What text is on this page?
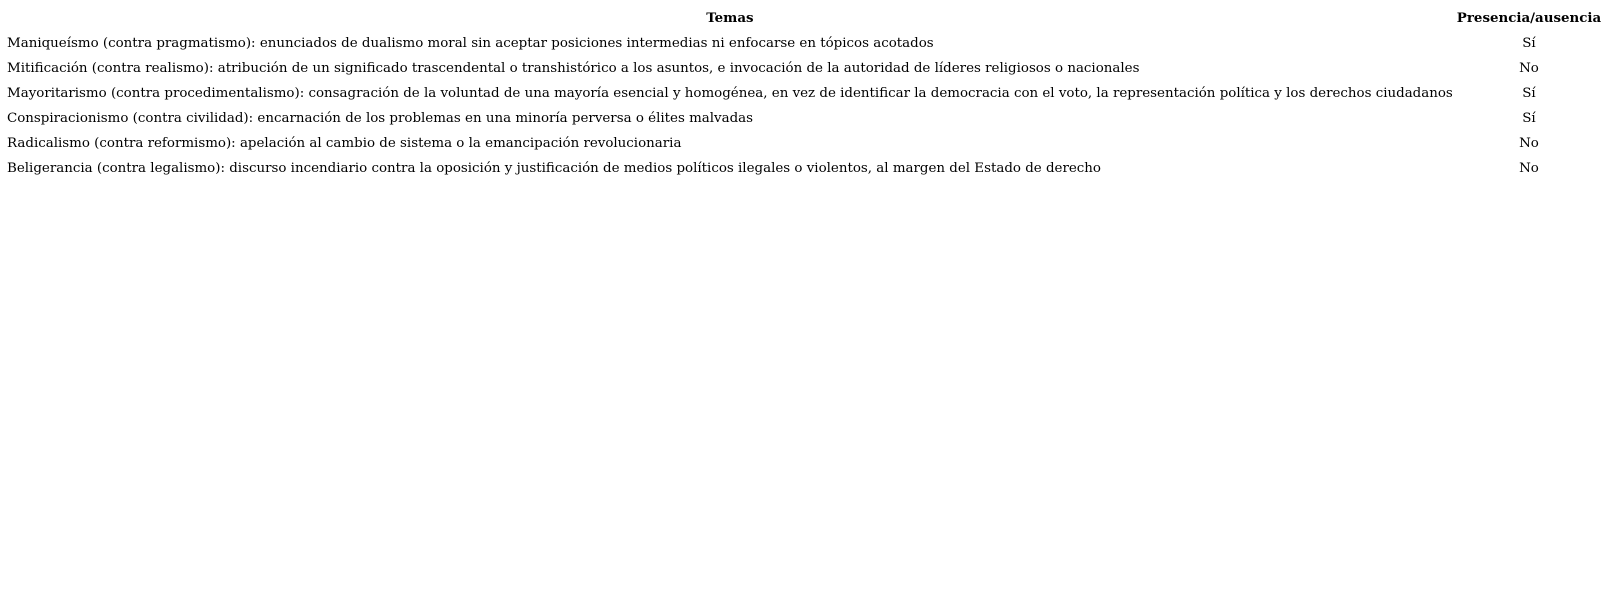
Temas	Presencia/ausencia
Maniqueísmo (contra pragmatismo): enunciados de dualismo moral sin aceptar posiciones intermedias ni enfocarse en tópicos acotados	Sí
Mitificación (contra realismo): atribución de un significado trascendental o transhistórico a los asuntos, e invocación de la autoridad de líderes religiosos o nacionales	No
Mayoritarismo (contra procedimentalismo): consagración de la voluntad de una mayoría esencial y homogénea, en vez de identificar la democracia con el voto, la representación política y los derechos ciudadanos	Sí
Conspiracionismo (contra civilidad): encarnación de los problemas en una minoría perversa o élites malvadas	Sí
Radicalismo (contra reformismo): apelación al cambio de sistema o la emancipación revolucionaria	No
Beligerancia (contra legalismo): discurso incendiario contra la oposición y justificación de medios políticos ilegales o violentos, al margen del Estado de derecho	No
